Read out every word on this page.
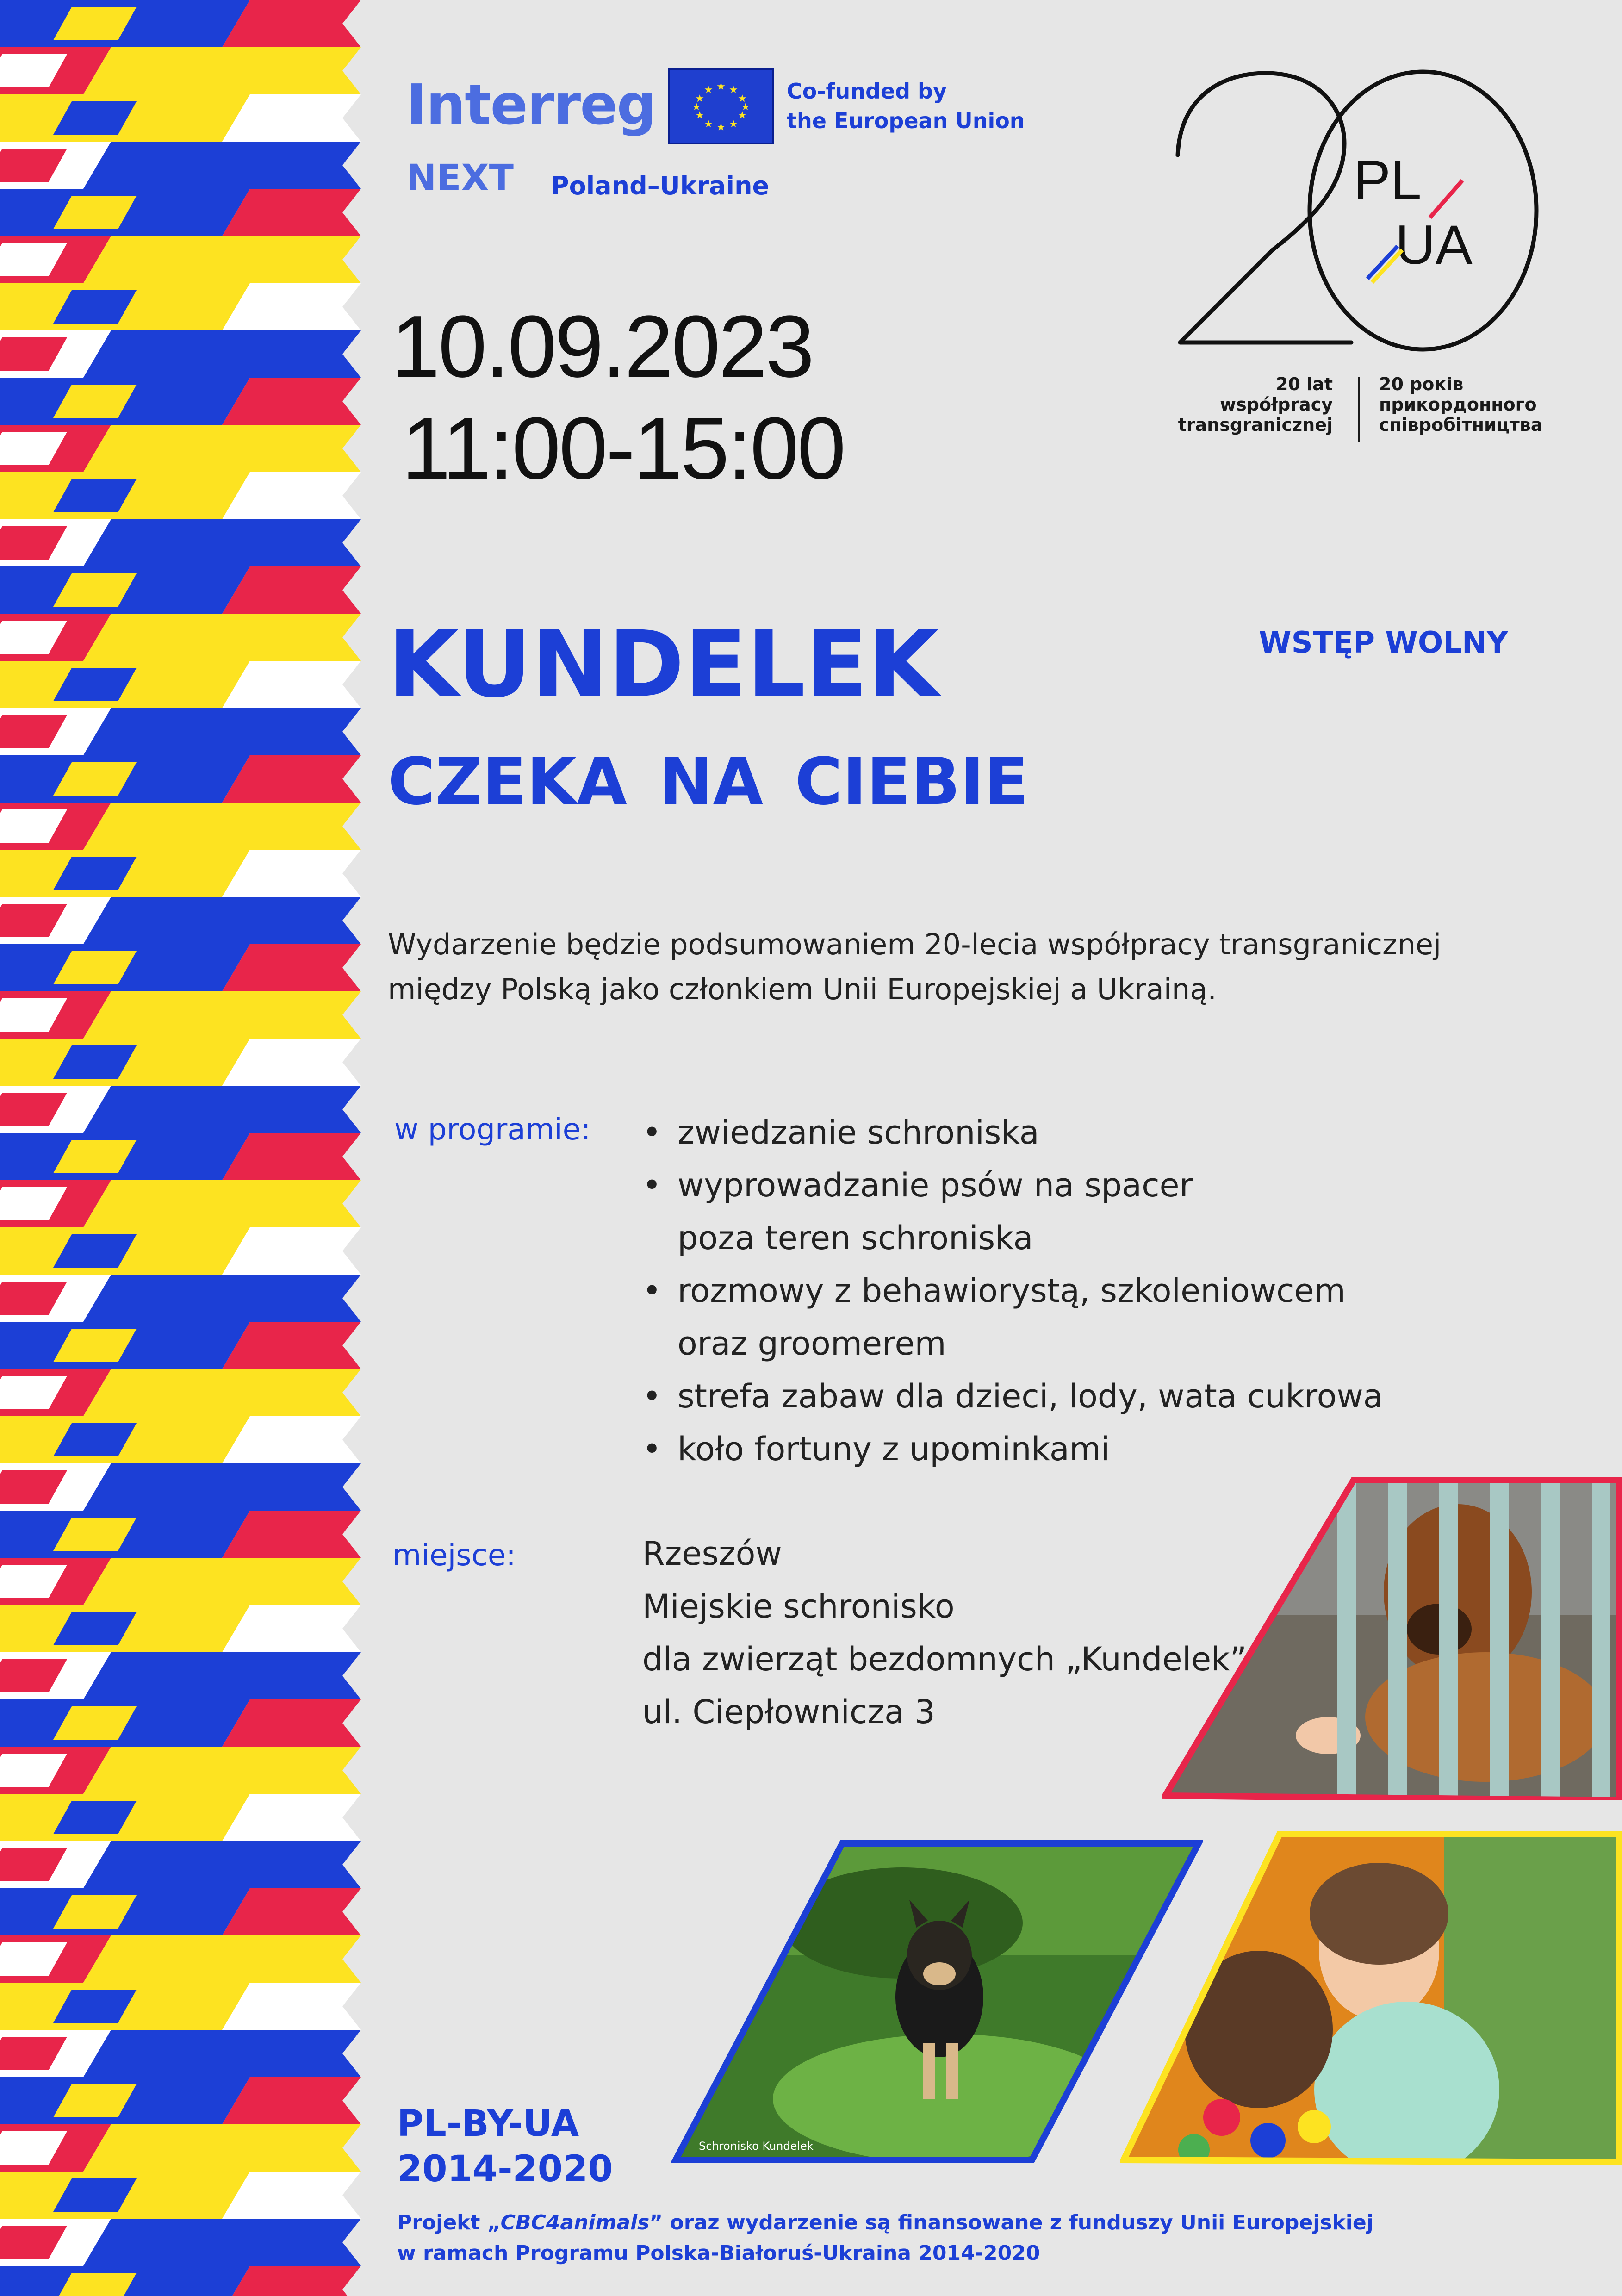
Interreg
NEXT Poland–Ukraine
★ ★
★
★
★
★
★
★
★
★
★
★	Co-funded by
the European Union
PL
UA
20 lat
współpracy
transgranicznej
20 років
прикордонного
співробітництва
10.09.2023
11:00-15:00
KUNDELEK
CZEKA NA CIEBIE
WSTĘP WOLNY
Wydarzenie będzie podsumowaniem 20-lecia współpracy transgranicznej
między Polską jako członkiem Unii Europejskiej a Ukrainą.
w programie: • zwiedzanie schroniska
• wyprowadzanie psów na spacer
poza teren schroniska
• rozmowy z behawiorystą, szkoleniowcem
oraz groomerem
• strefa zabaw dla dzieci, lody, wata cukrowa
• koło fortuny z upominkami
miejsce:	Rzeszów
Miejskie schronisko
dla zwierząt bezdomnych „Kundelek”
ul. Ciepłownicza 3
Schronisko Kundelek
PL-BY-UA
2014-2020
Projekt „CBC4animals” oraz wydarzenie są finansowane z funduszy Unii Europejskiej
w ramach Programu Polska-Białoruś-Ukraina 2014-2020
